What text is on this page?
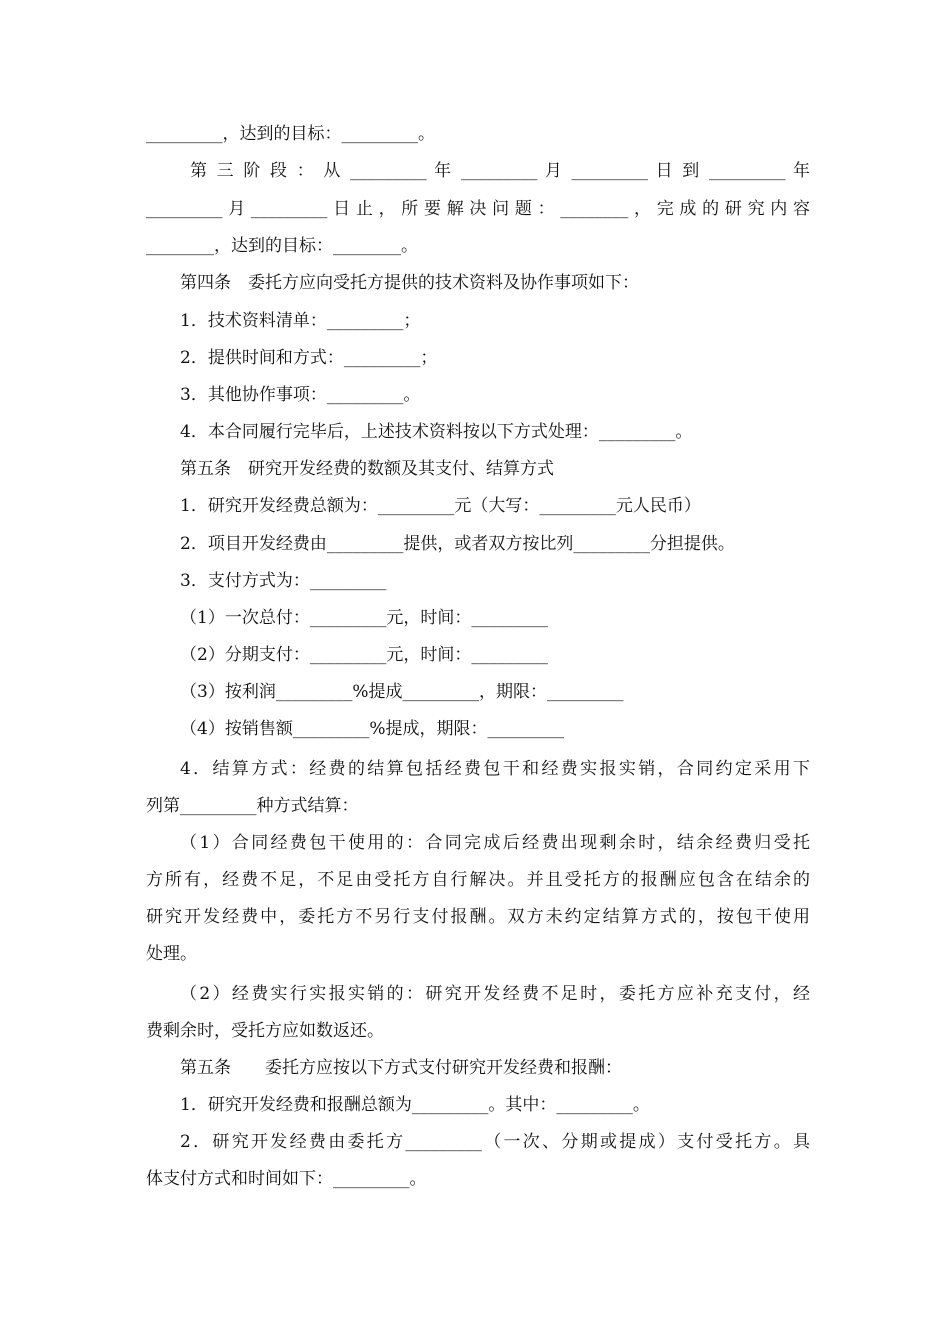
_________，达到的目标：_________。
第 三 阶 段 ： 从 _________ 年 _________ 月 _________ 日 到 _________ 年
_________月_________日止，所要解决问题：________，完成的研究内容
________，达到的目标：________。
第四条　委托方应向受托方提供的技术资料及协作事项如下：
1．技术资料清单：_________；
2．提供时间和方式：_________；
3．其他协作事项：_________。
4．本合同履行完毕后，上述技术资料按以下方式处理：_________。
第五条　研究开发经费的数额及其支付、结算方式
1．研究开发经费总额为：_________元（大写：_________元人民币）
2．项目开发经费由_________提供，或者双方按比列_________分担提供。
3．支付方式为：_________
（1）一次总付：_________元，时间：_________
（2）分期支付：_________元，时间：_________
（3）按利润_________%提成_________，期限：_________
（4）按销售额_________%提成，期限：_________
4．结算方式：经费的结算包括经费包干和经费实报实销，合同约定采用下
列第_________种方式结算：
（1）合同经费包干使用的：合同完成后经费出现剩余时，结余经费归受托
方所有，经费不足，不足由受托方自行解决。并且受托方的报酬应包含在结余的
研究开发经费中，委托方不另行支付报酬。双方未约定结算方式的，按包干使用
处理。
（2）经费实行实报实销的：研究开发经费不足时，委托方应补充支付，经
费剩余时，受托方应如数返还。
第五条　　委托方应按以下方式支付研究开发经费和报酬：
1．研究开发经费和报酬总额为_________。其中：_________。
2．研究开发经费由委托方_________（一次、分期或提成）支付受托方。具
体支付方式和时间如下：_________。
